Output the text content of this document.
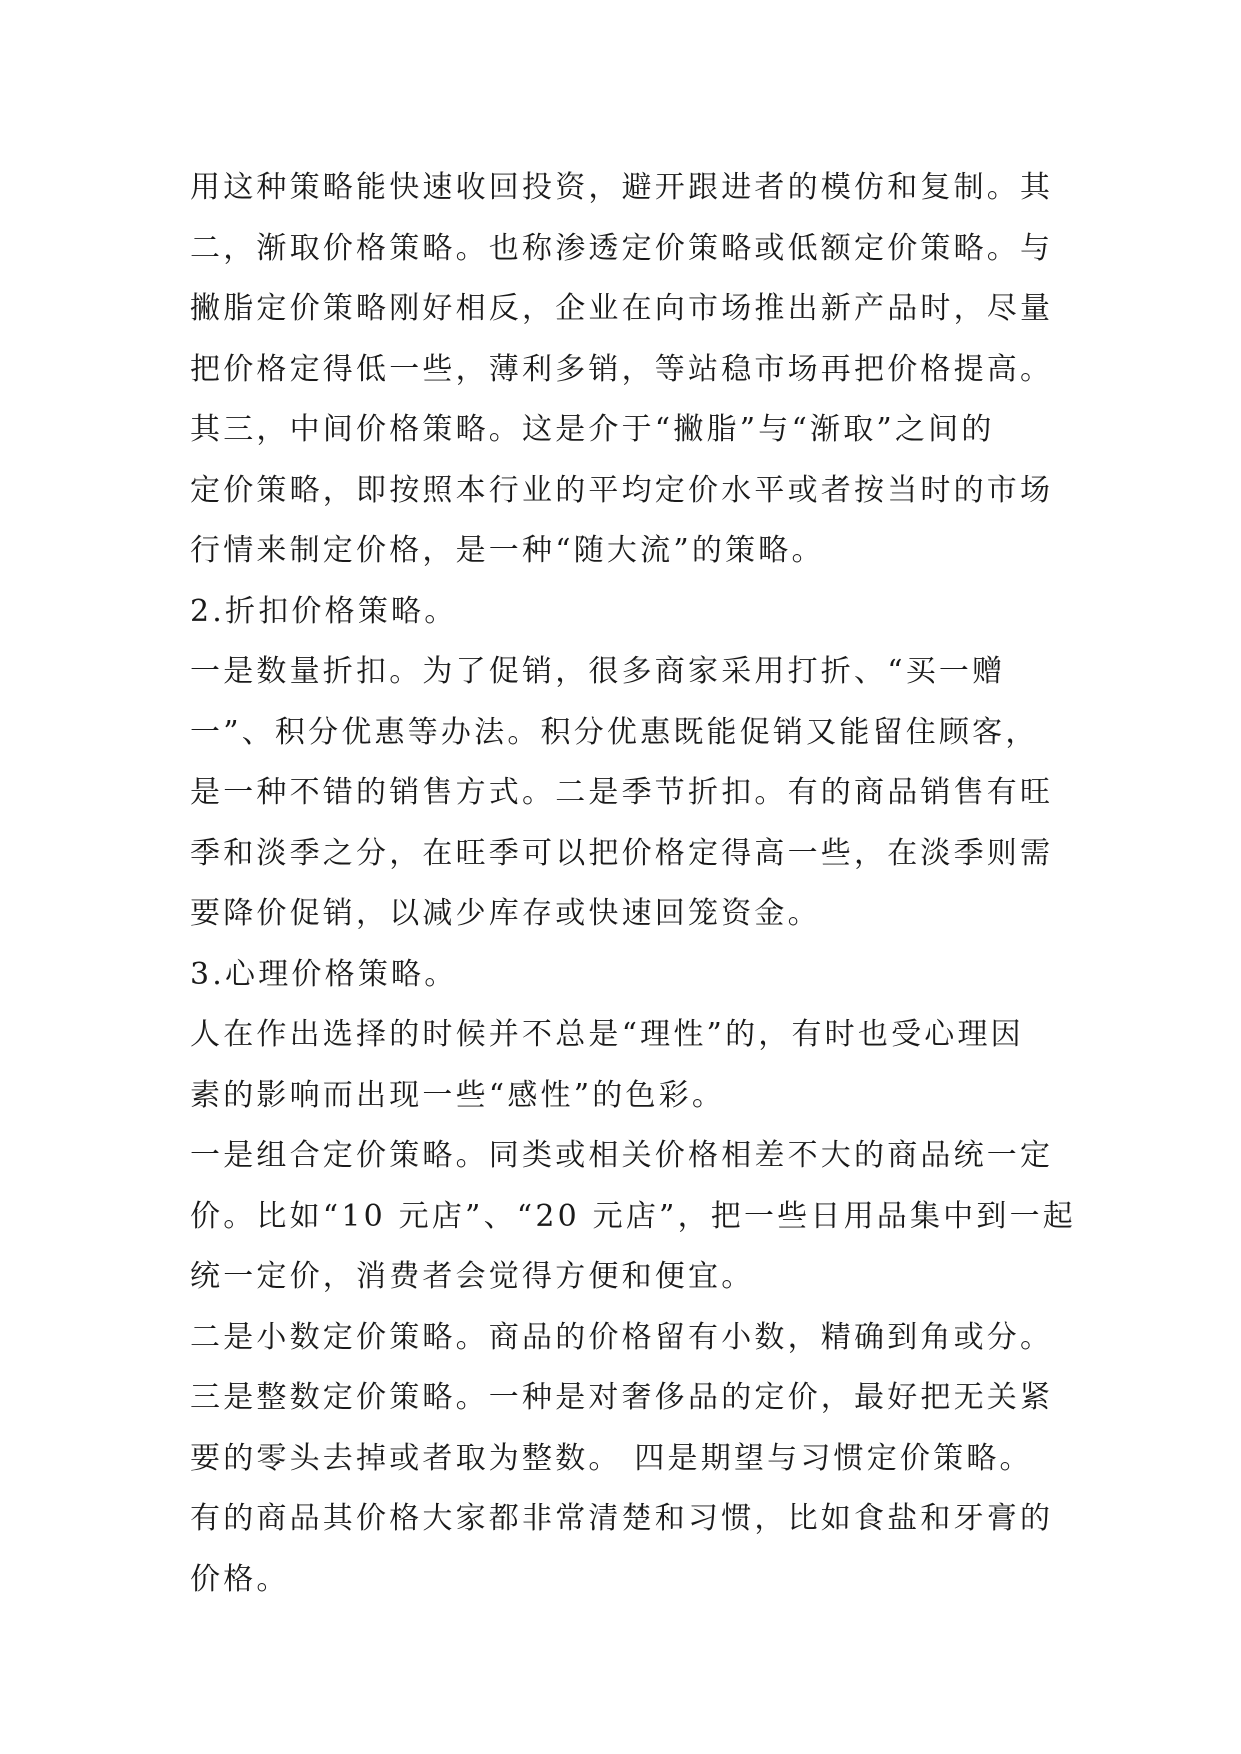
用这种策略能快速收回投资，避开跟进者的模仿和复制。其
二，渐取价格策略。也称渗透定价策略或低额定价策略。与
撇脂定价策略刚好相反，企业在向市场推出新产品时，尽量
把价格定得低一些，薄利多销，等站稳市场再把价格提高。
其三，中间价格策略。这是介于“撇脂”与“渐取”之间的
定价策略，即按照本行业的平均定价水平或者按当时的市场
行情来制定价格，是一种“随大流”的策略。
2.折扣价格策略。
一是数量折扣。为了促销，很多商家采用打折、“买一赠
一”、积分优惠等办法。积分优惠既能促销又能留住顾客，
是一种不错的销售方式。二是季节折扣。有的商品销售有旺
季和淡季之分，在旺季可以把价格定得高一些，在淡季则需
要降价促销，以减少库存或快速回笼资金。
3.心理价格策略。
人在作出选择的时候并不总是“理性”的，有时也受心理因
素的影响而出现一些“感性”的色彩。
一是组合定价策略。同类或相关价格相差不大的商品统一定
价。比如“10 元店”、“20 元店”，把一些日用品集中到一起
统一定价，消费者会觉得方便和便宜。
二是小数定价策略。商品的价格留有小数，精确到角或分。
三是整数定价策略。一种是对奢侈品的定价，最好把无关紧
要的零头去掉或者取为整数。 四是期望与习惯定价策略。
有的商品其价格大家都非常清楚和习惯，比如食盐和牙膏的
价格。
